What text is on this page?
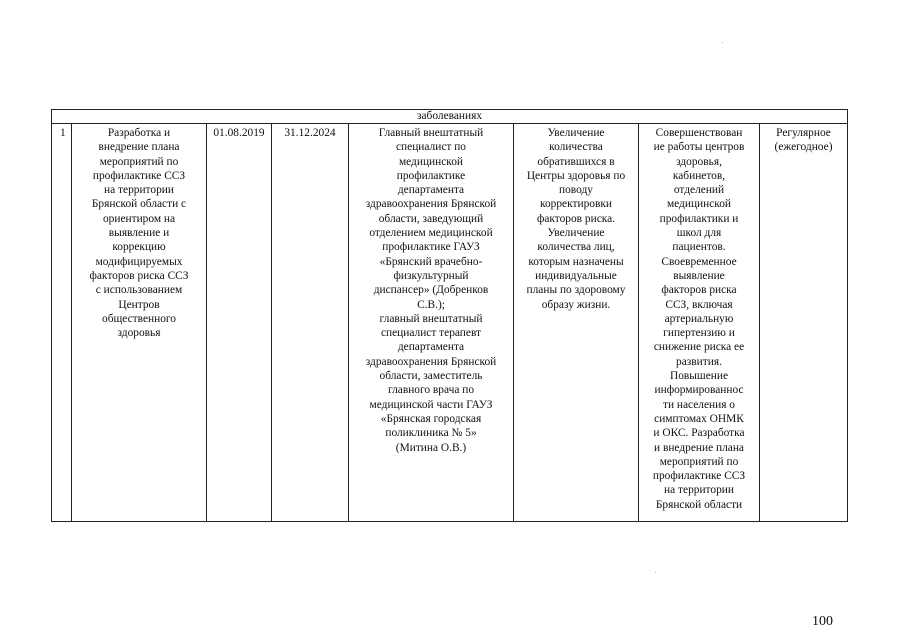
заболеваниях
1	Разработка и
внедрение плана
мероприятий по
профилактике ССЗ
на территории
Брянской области с
ориентиром на
выявление и
коррекцию
модифицируемых
факторов риска ССЗ
с использованием
Центров
общественного
здоровья	01.08.2019	31.12.2024	Главный внештатный
специалист по
медицинской
профилактике
департамента
здравоохранения Брянской
области, заведующий
отделением медицинской
профилактике ГАУЗ
«Брянский врачебно-
физкультурный
диспансер» (Добренков
С.В.);
главный внештатный
специалист терапевт
департамента
здравоохранения Брянской
области, заместитель
главного врача по
медицинской части ГАУЗ
«Брянская городская
поликлиника № 5»
(Митина О.В.)	Увеличение
количества
обратившихся в
Центры здоровья по
поводу
корректировки
факторов риска.
Увеличение
количества лиц,
которым назначены
индивидуальные
планы по здоровому
образу жизни.	Совершенствован
ие работы центров
здоровья,
кабинетов,
отделений
медицинской
профилактики и
школ для
пациентов.
Своевременное
выявление
факторов риска
ССЗ, включая
артериальную
гипертензию и
снижение риска ее
развития.
Повышение
информированнос
ти населения о
симптомах ОНМК
и ОКС. Разработка
и внедрение плана
мероприятий по
профилактике ССЗ
на территории
Брянской области	Регулярное
(ежегодное)
100
